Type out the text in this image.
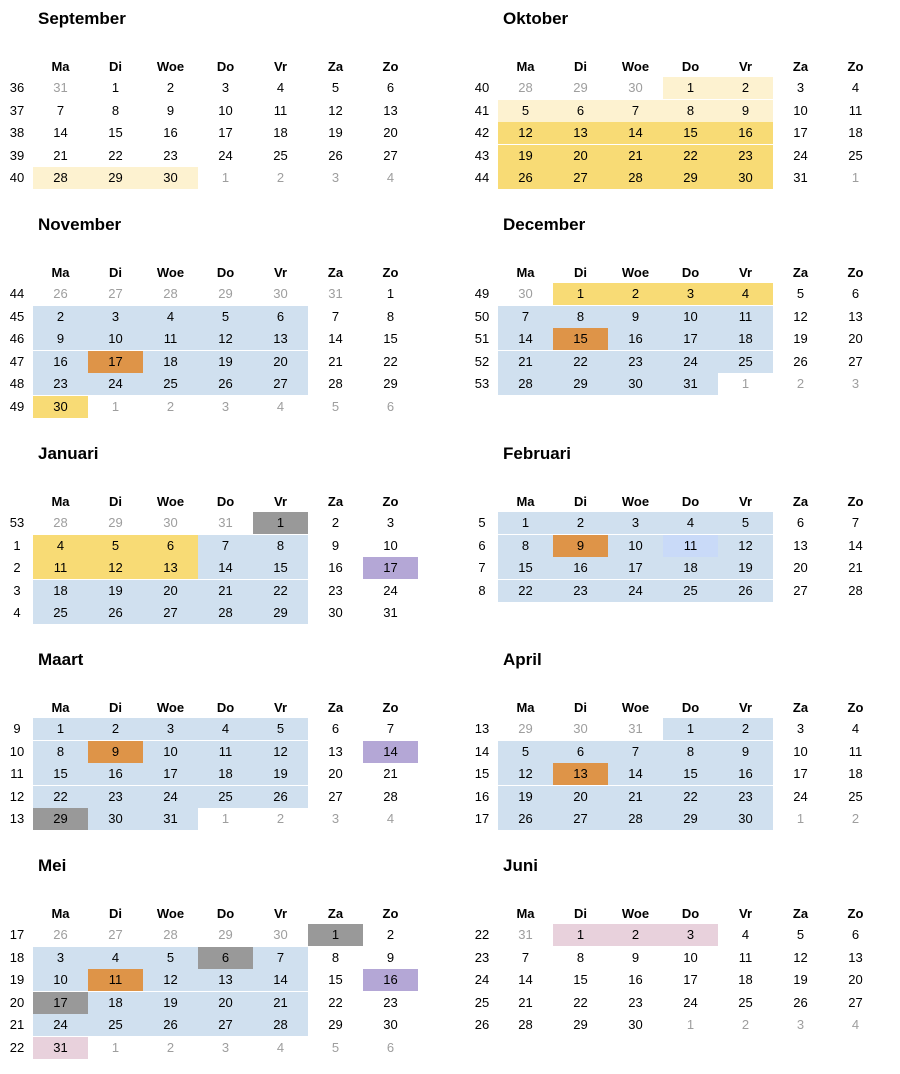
September
Ma	Di	Woe	Do	Vr	Za	Zo
36	31	1	2	3	4	5	6
37	7	8	9	10	11	12	13
38	14	15	16	17	18	19	20
39	21	22	23	24	25	26	27
40	28	29	30	1	2	3	4
Oktober
Ma	Di	Woe	Do	Vr	Za	Zo
40	28	29	30	1	2	3	4
41	5	6	7	8	9	10	11
42	12	13	14	15	16	17	18
43	19	20	21	22	23	24	25
44	26	27	28	29	30	31	1
November
Ma	Di	Woe	Do	Vr	Za	Zo
44	26	27	28	29	30	31	1
45	2	3	4	5	6	7	8
46	9	10	11	12	13	14	15
47	16	17	18	19	20	21	22
48	23	24	25	26	27	28	29
49	30	1	2	3	4	5	6
December
Ma	Di	Woe	Do	Vr	Za	Zo
49	30	1	2	3	4	5	6
50	7	8	9	10	11	12	13
51	14	15	16	17	18	19	20
52	21	22	23	24	25	26	27
53	28	29	30	31	1	2	3
Januari
Ma	Di	Woe	Do	Vr	Za	Zo
53	28	29	30	31	1	2	3
1	4	5	6	7	8	9	10
2	11	12	13	14	15	16	17
3	18	19	20	21	22	23	24
4	25	26	27	28	29	30	31
Februari
Ma	Di	Woe	Do	Vr	Za	Zo
5	1	2	3	4	5	6	7
6	8	9	10	11	12	13	14
7	15	16	17	18	19	20	21
8	22	23	24	25	26	27	28
Maart
Ma	Di	Woe	Do	Vr	Za	Zo
9	1	2	3	4	5	6	7
10	8	9	10	11	12	13	14
11	15	16	17	18	19	20	21
12	22	23	24	25	26	27	28
13	29	30	31	1	2	3	4
April
Ma	Di	Woe	Do	Vr	Za	Zo
13	29	30	31	1	2	3	4
14	5	6	7	8	9	10	11
15	12	13	14	15	16	17	18
16	19	20	21	22	23	24	25
17	26	27	28	29	30	1	2
Mei
Ma	Di	Woe	Do	Vr	Za	Zo
17	26	27	28	29	30	1	2
18	3	4	5	6	7	8	9
19	10	11	12	13	14	15	16
20	17	18	19	20	21	22	23
21	24	25	26	27	28	29	30
22	31	1	2	3	4	5	6
Juni
Ma	Di	Woe	Do	Vr	Za	Zo
22	31	1	2	3	4	5	6
23	7	8	9	10	11	12	13
24	14	15	16	17	18	19	20
25	21	22	23	24	25	26	27
26	28	29	30	1	2	3	4
